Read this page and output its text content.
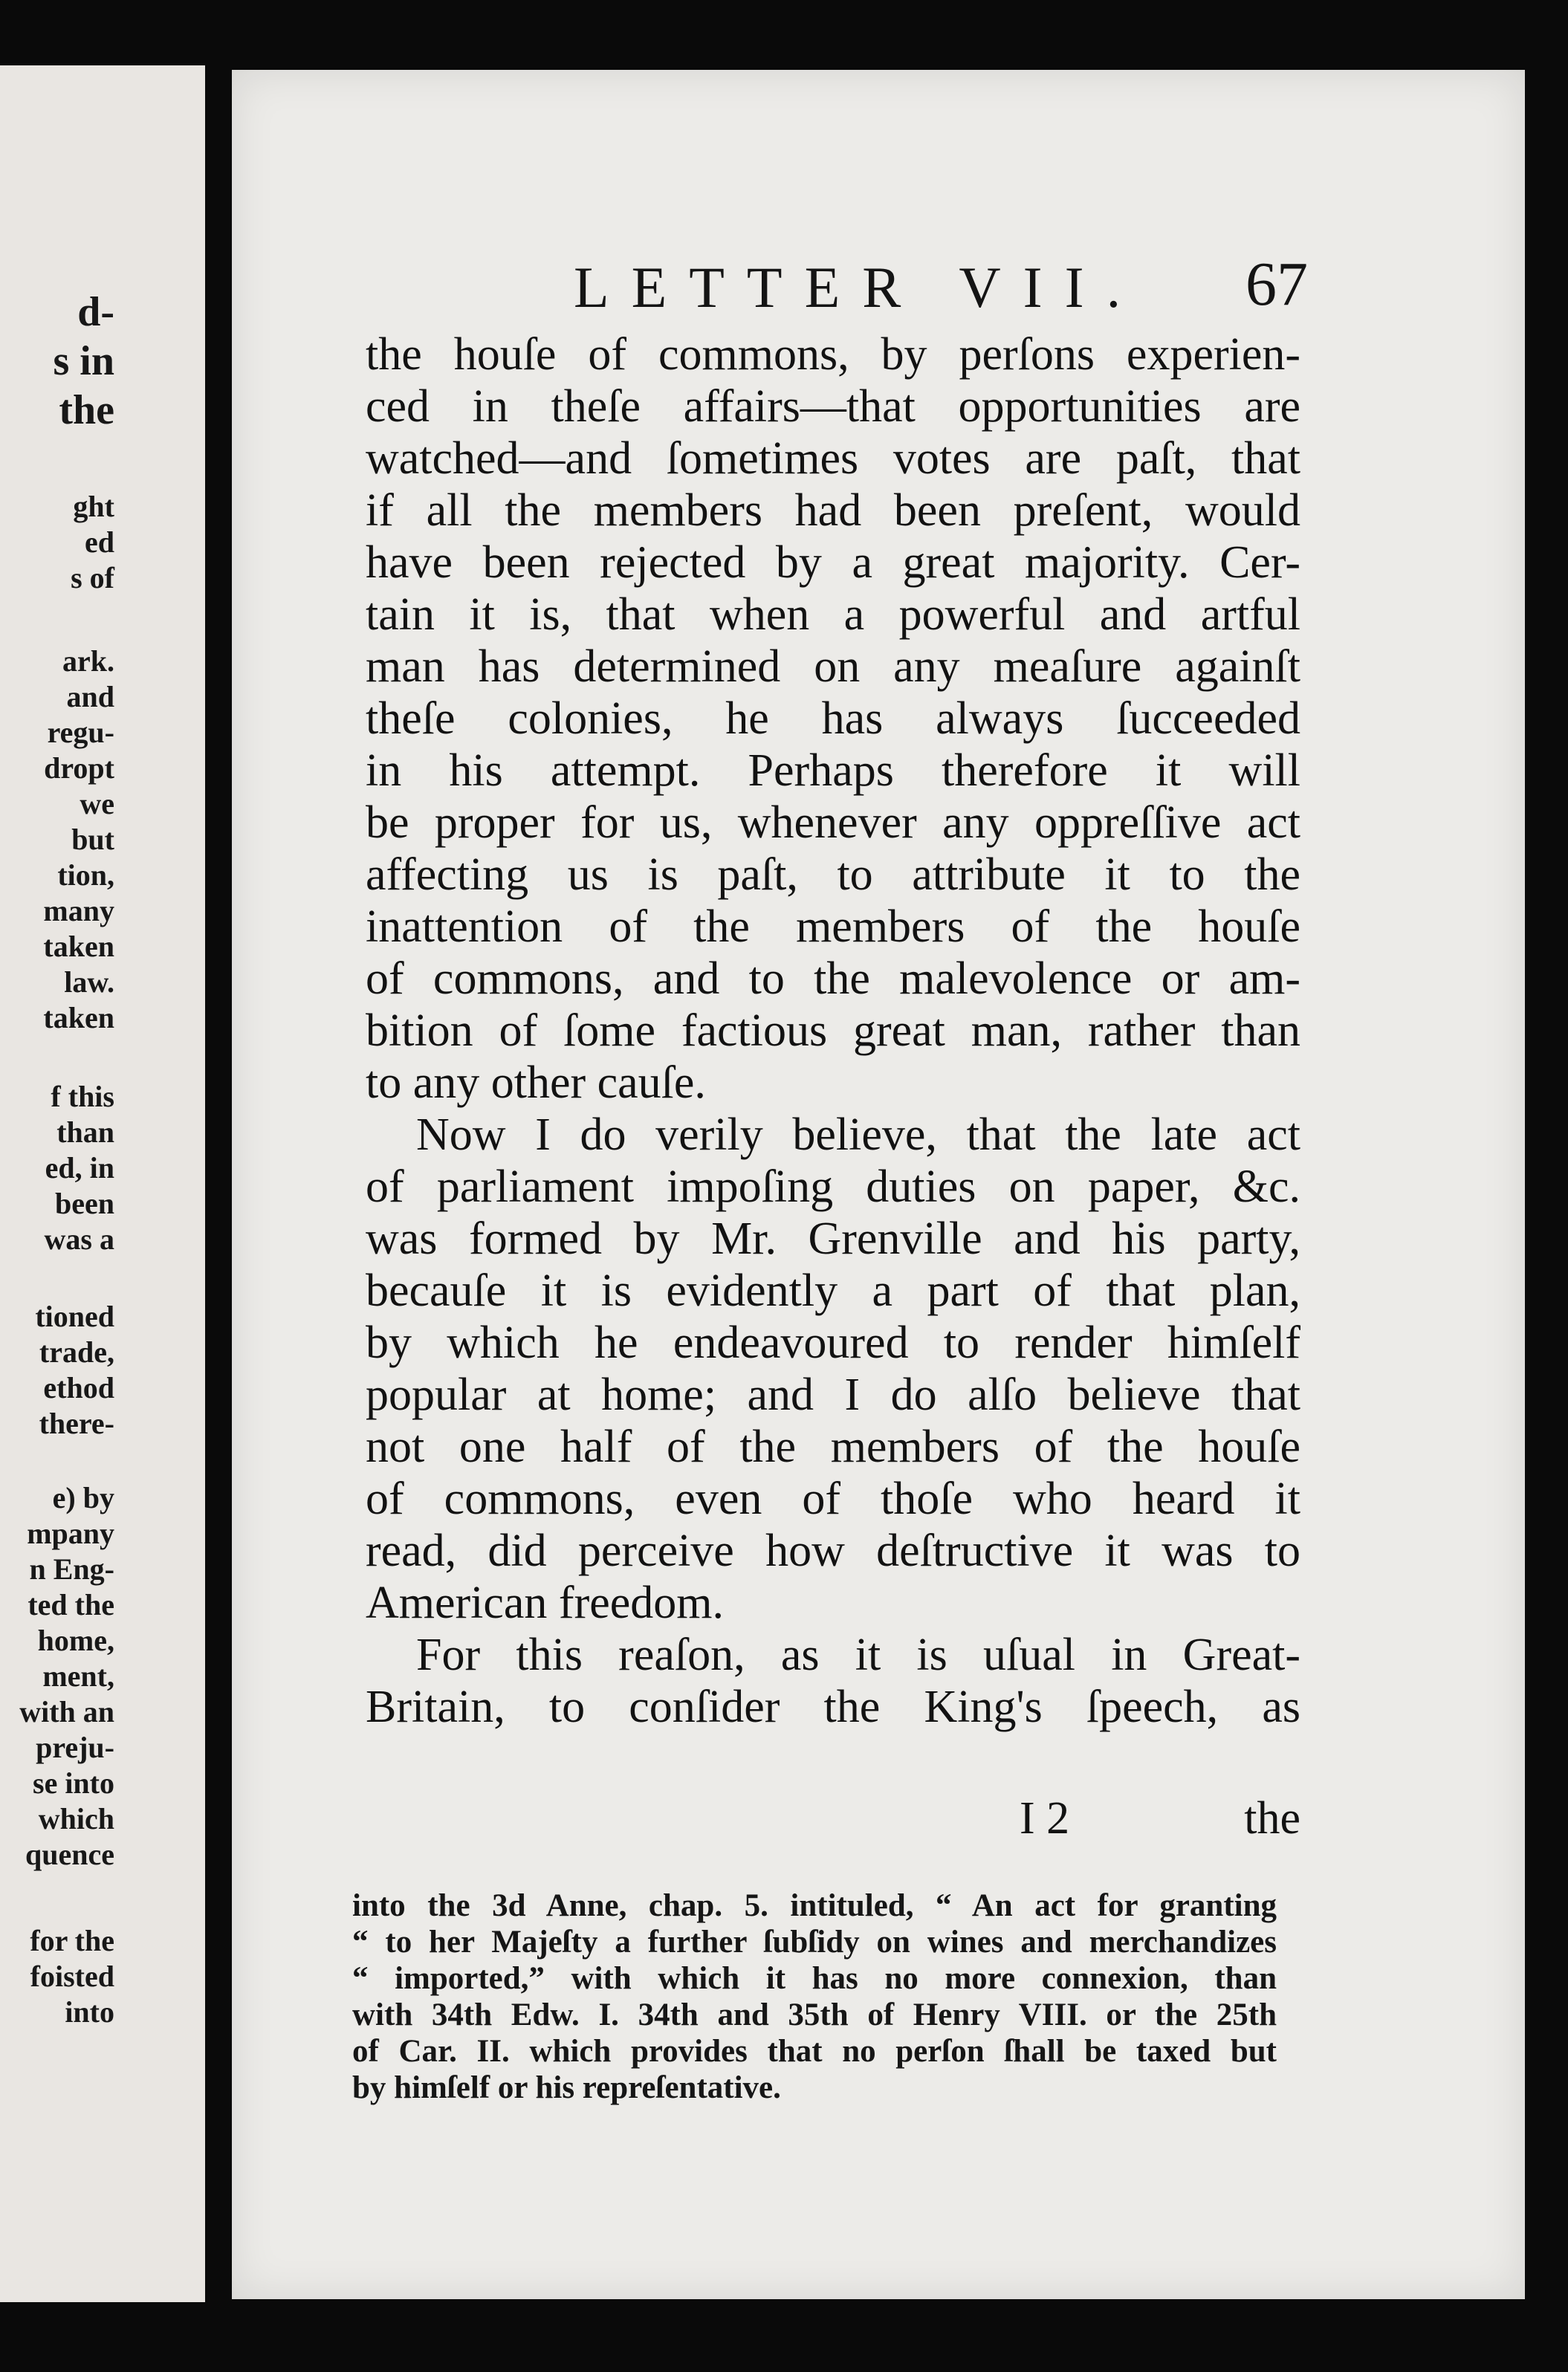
d-
s in
the
ght
ed
s of
ark.
and
regu-
dropt
we
but
tion,
many
taken
law.
taken
f this
than
ed, in
been
was a
tioned
trade,
ethod
there-
e) by
mpany
n Eng-
ted the
home,
ment,
with an
preju-
se into
which
quence
for the
foisted
into
LETTER VII. 67
the houſe of commons, by perſons experien-
ced in theſe affairs—that opportunities are
watched—and ſometimes votes are paſt, that
if all the members had been preſent, would
have been rejected by a great majority. Cer-
tain it is, that when a powerful and artful
man has determined on any meaſure againſt
theſe colonies, he has always ſucceeded
in his attempt. Perhaps therefore it will
be proper for us, whenever any oppreſſive act
affecting us is paſt, to attribute it to the
inattention of the members of the houſe
of commons, and to the malevolence or am-
bition of ſome factious great man, rather than
to any other cauſe.
Now I do verily believe, that the late act
of parliament impoſing duties on paper, &c.
was formed by Mr. Grenville and his party,
becauſe it is evidently a part of that plan,
by which he endeavoured to render himſelf
popular at home; and I do alſo believe that
not one half of the members of the houſe
of commons, even of thoſe who heard it
read, did perceive how deſtructive it was to
American freedom.
For this reaſon, as it is uſual in Great-
Britain, to conſider the King's ſpeech, as
I 2	the
into the 3d Anne, chap. 5. intituled, “ An act for granting
“ to her Majeſty a further ſubſidy on wines and merchandizes
“ imported,” with which it has no more connexion, than
with 34th Edw. I. 34th and 35th of Henry VIII. or the 25th
of Car. II. which provides that no perſon ſhall be taxed but
by himſelf or his repreſentative.
